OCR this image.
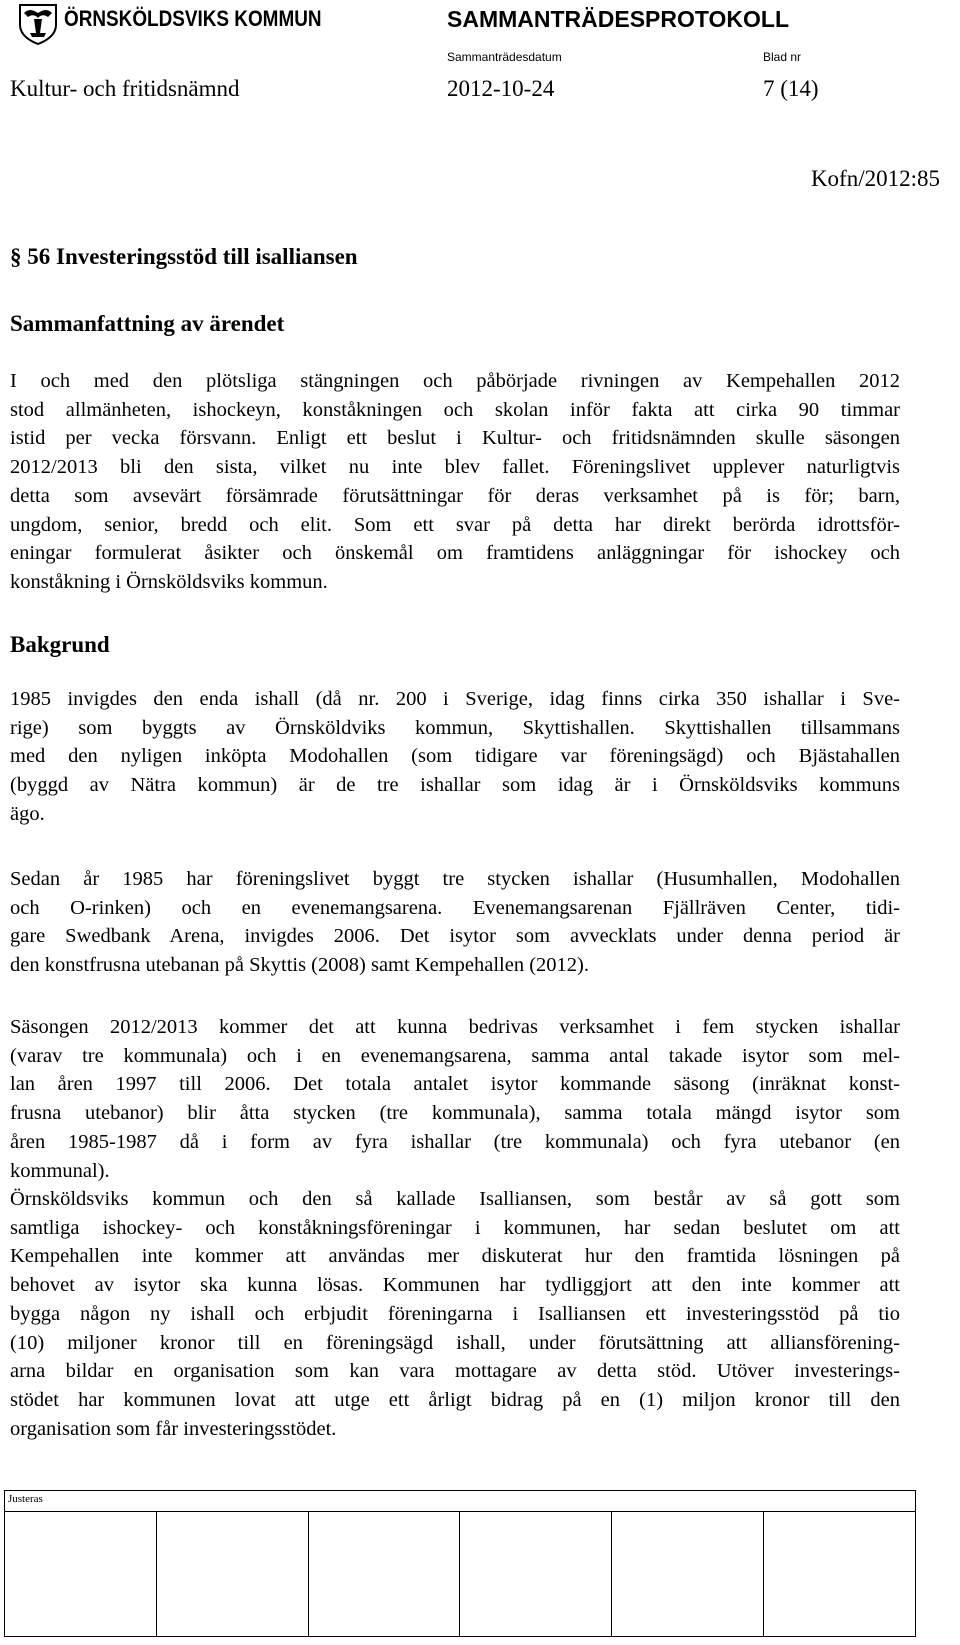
ÖRNSKÖLDSVIKS KOMMUN	SAMMANTRÄDESPROTOKOLL
Sammanträdesdatum	Blad nr
Kultur- och fritidsnämnd	2012-10-24	7 (14)
Kofn/2012:85
§ 56 Investeringsstöd till isalliansen
Sammanfattning av ärendet
I och med den plötsliga stängningen och påbörjade rivningen av Kempehallen 2012
stod allmänheten, ishockeyn, konståkningen och skolan inför fakta att cirka 90 timmar
istid per vecka försvann. Enligt ett beslut i Kultur- och fritidsnämnden skulle säsongen
2012/2013 bli den sista, vilket nu inte blev fallet. Föreningslivet upplever naturligtvis
detta som avsevärt försämrade förutsättningar för deras verksamhet på is för; barn,
ungdom, senior, bredd och elit. Som ett svar på detta har direkt berörda idrottsför-
eningar formulerat åsikter och önskemål om framtidens anläggningar för ishockey och
konståkning i Örnsköldsviks kommun.
Bakgrund
1985 invigdes den enda ishall (då nr. 200 i Sverige, idag finns cirka 350 ishallar i Sve-
rige) som byggts av Örnsköldviks kommun, Skyttishallen. Skyttishallen tillsammans
med den nyligen inköpta Modohallen (som tidigare var föreningsägd) och Bjästahallen
(byggd av Nätra kommun) är de tre ishallar som idag är i Örnsköldsviks kommuns
ägo.
Sedan år 1985 har föreningslivet byggt tre stycken ishallar (Husumhallen, Modohallen
och O-rinken) och en evenemangsarena. Evenemangsarenan Fjällräven Center, tidi-
gare Swedbank Arena, invigdes 2006. Det isytor som avvecklats under denna period är
den konstfrusna utebanan på Skyttis (2008) samt Kempehallen (2012).
Säsongen 2012/2013 kommer det att kunna bedrivas verksamhet i fem stycken ishallar
(varav tre kommunala) och i en evenemangsarena, samma antal takade isytor som mel-
lan åren 1997 till 2006. Det totala antalet isytor kommande säsong (inräknat konst-
frusna utebanor) blir åtta stycken (tre kommunala), samma totala mängd isytor som
åren 1985-1987 då i form av fyra ishallar (tre kommunala) och fyra utebanor (en
kommunal).
Örnsköldsviks kommun och den så kallade Isalliansen, som består av så gott som
samtliga ishockey- och konståkningsföreningar i kommunen, har sedan beslutet om att
Kempehallen inte kommer att användas mer diskuterat hur den framtida lösningen på
behovet av isytor ska kunna lösas. Kommunen har tydliggjort att den inte kommer att
bygga någon ny ishall och erbjudit föreningarna i Isalliansen ett investeringsstöd på tio
(10) miljoner kronor till en föreningsägd ishall, under förutsättning att alliansförening-
arna bildar en organisation som kan vara mottagare av detta stöd. Utöver investerings-
stödet har kommunen lovat att utge ett årligt bidrag på en (1) miljon kronor till den
organisation som får investeringsstödet.
Justeras
